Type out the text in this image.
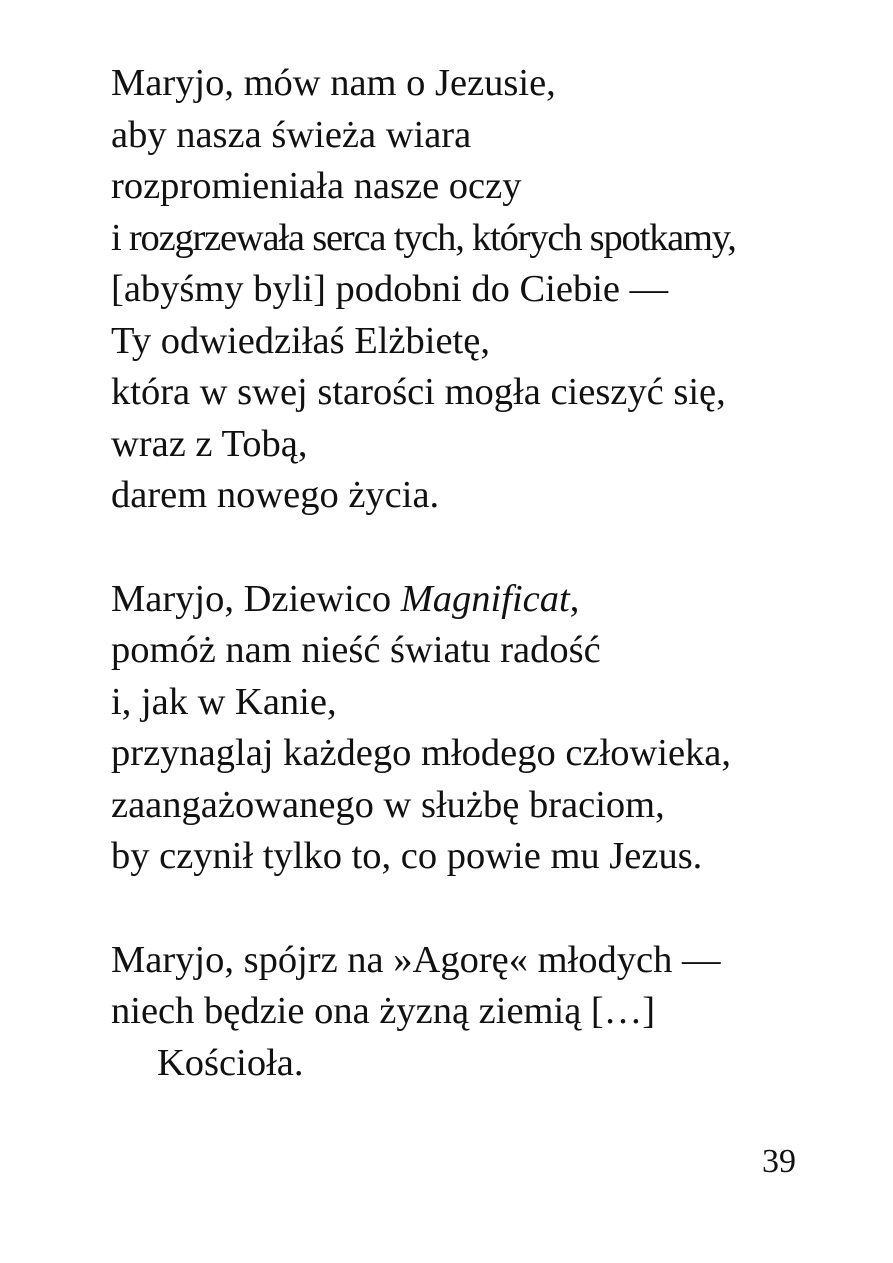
Maryjo, mów nam o Jezusie,
aby nasza świeża wiara
rozpromieniała nasze oczy
i rozgrzewała serca tych, których spotkamy,
[abyśmy byli] podobni do Ciebie —
Ty odwiedziłaś Elżbietę,
która w swej starości mogła cieszyć się,
wraz z Tobą,
darem nowego życia.

Maryjo, Dziewico Magnificat,
pomóż nam nieść światu radość
i, jak w Kanie,
przynaglaj każdego młodego człowieka,
zaangażowanego w służbę braciom,
by czynił tylko to, co powie mu Jezus.

Maryjo, spójrz na »Agorę« młodych —
niech będzie ona żyzną ziemią […]
Kościoła.

39
